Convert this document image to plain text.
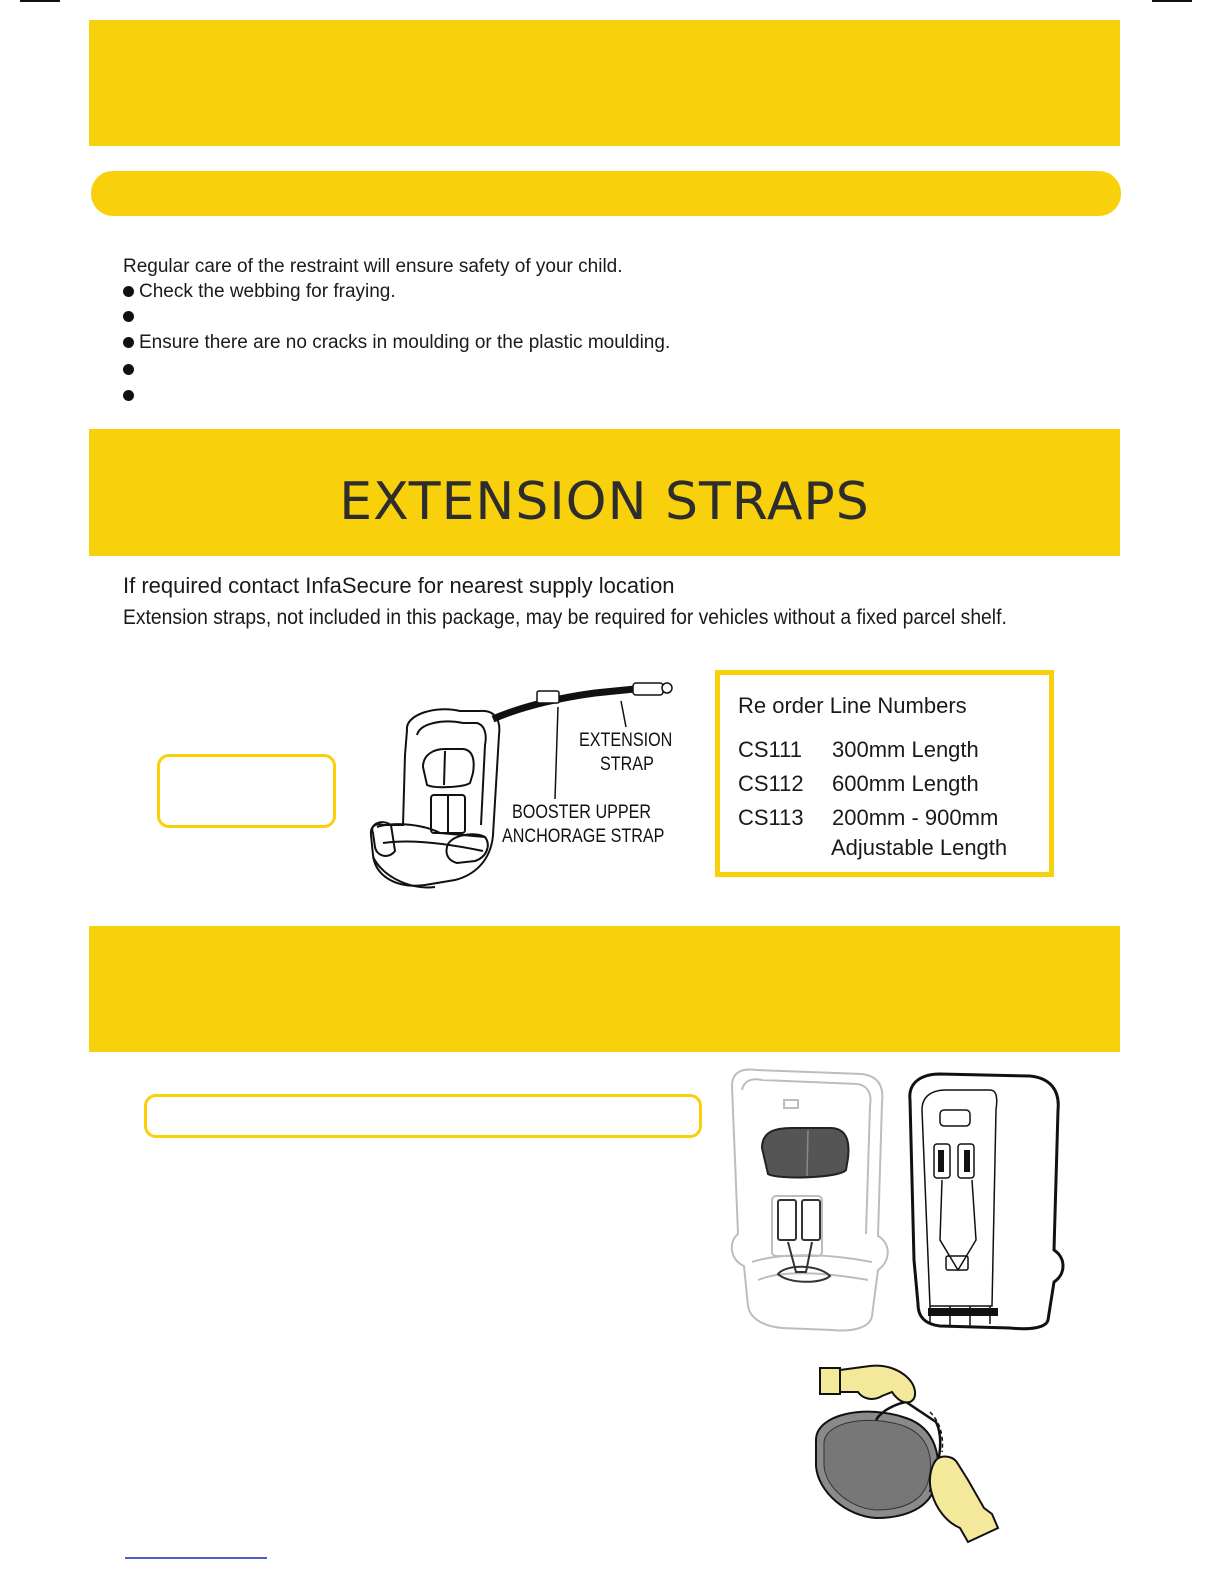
Regular care of the restraint will ensure safety of your child.
Check the webbing for fraying.
Ensure there are no cracks in moulding or the plastic moulding.
EXTENSION STRAPS
If required contact InfaSecure for nearest supply location
Extension straps, not included in this package, may be required for vehicles without a fixed parcel shelf.
EXTENSION
STRAP
BOOSTER UPPER
ANCHORAGE STRAP
Re order Line Numbers
CS111 300mm Length
CS112 600mm Length
CS113 200mm - 900mm
Adjustable Length
